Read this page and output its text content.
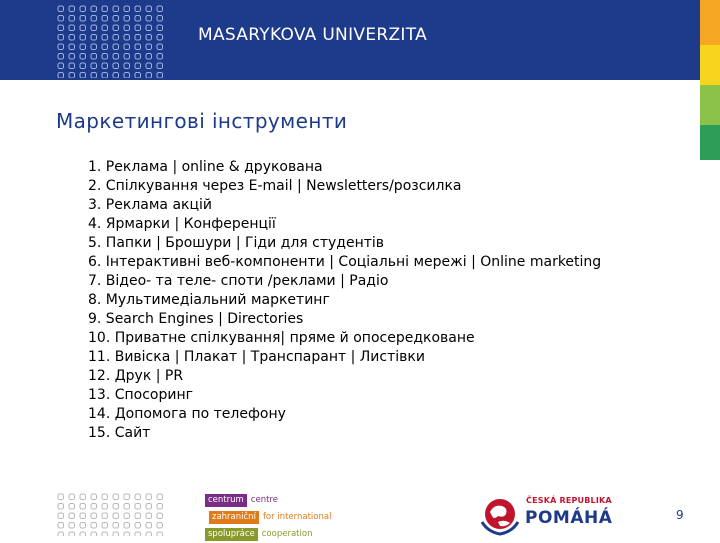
MASARYKOVA UNIVERZITA
Маркетингові інструменти
1. Реклама | online & друкована
2. Спілкування через E-mail | Newsletters/розсилка
3. Реклама акцій
4. Ярмарки | Конференції
5. Папки | Брошури | Гіди для студентів
6. Інтерактивні веб-компоненти | Соціальні мережі | Online marketing
7. Відео- та теле- споти /реклами | Радіо
8. Мультимедіальний маркетинг
9. Search Engines | Directories
10. Приватне спілкування| пряме й опосередковане
11. Вивіска | Плакат | Транспарант | Листівки
12. Друк | PR
13. Спосоринг
14. Допомога по телефону
15. Сайт
centrum centre
zahraniční for international
spolupráce cooperation
ČESKÁ REPUBLIKA
POMÁHÁ	9
